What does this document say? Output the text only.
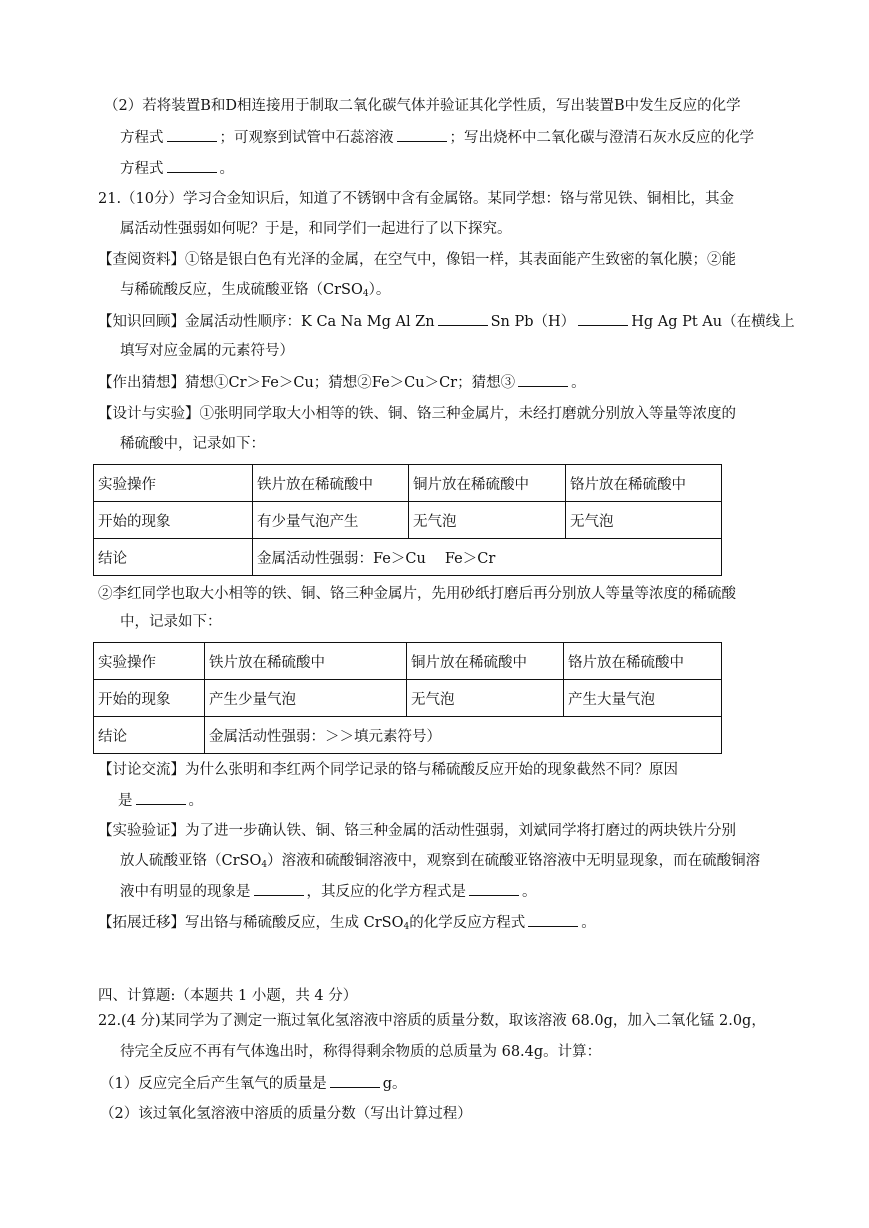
（2）若将装置B和D相连接用于制取二氧化碳气体并验证其化学性质，写出装置B中发生反应的化学
方程式	；可观察到试管中石蕊溶液	；写出烧杯中二氧化碳与澄清石灰水反应的化学
方程式	。
21.（10分）学习合金知识后，知道了不锈钢中含有金属铬。某同学想：铬与常见铁、铜相比，其金
属活动性强弱如何呢？于是，和同学们一起进行了以下探究。
【查阅资料】①铬是银白色有光泽的金属，在空气中，像铝一样，其表面能产生致密的氧化膜；②能
与稀硫酸反应，生成硫酸亚铬（CrSO$_4$）。
【知识回顾】金属活动性顺序：K Ca Na Mg Al Zn	Sn Pb（H）	Hg Ag Pt Au（在横线上
填写对应金属的元素符号）
【作出猜想】猜想①Cr＞Fe＞Cu；猜想②Fe＞Cu＞Cr；猜想③	。
【设计与实验】①张明同学取大小相等的铁、铜、铬三种金属片，未经打磨就分别放入等量等浓度的
稀硫酸中，记录如下：
实验操作	铁片放在稀硫酸中	铜片放在稀硫酸中	铬片放在稀硫酸中
开始的现象	有少量气泡产生	无气泡	无气泡
结论	金属活动性强弱：Fe＞Cu　 Fe＞Cr		
②李红同学也取大小相等的铁、铜、铬三种金属片，先用砂纸打磨后再分别放人等量等浓度的稀硫酸
中，记录如下：
实验操作	铁片放在稀硫酸中	铜片放在稀硫酸中	铬片放在稀硫酸中
开始的现象	产生少量气泡	无气泡	产生大量气泡
结论	金属活动性强弱：＞＞填元素符号）		
【讨论交流】为什么张明和李红两个同学记录的铬与稀硫酸反应开始的现象截然不同？原因
是	。
【实验验证】为了进一步确认铁、铜、铬三种金属的活动性强弱，刘斌同学将打磨过的两块铁片分别
放人硫酸亚铬（CrSO$_4$）溶液和硫酸铜溶液中，观察到在硫酸亚铬溶液中无明显现象，而在硫酸铜溶
液中有明显的现象是	，其反应的化学方程式是	。
【拓展迁移】写出铬与稀硫酸反应，生成 CrSO$_4$的化学反应方程式	。
四、计算题:（本题共 1 小题，共 4 分）
22.(4 分)某同学为了测定一瓶过氧化氢溶液中溶质的质量分数，取该溶液 68.0g，加入二氧化锰 2.0g，
待完全反应不再有气体逸出时，称得得剩余物质的总质量为 68.4g。计算：
（1）反应完全后产生氧气的质量是	g。
（2）该过氧化氢溶液中溶质的质量分数（写出计算过程）
